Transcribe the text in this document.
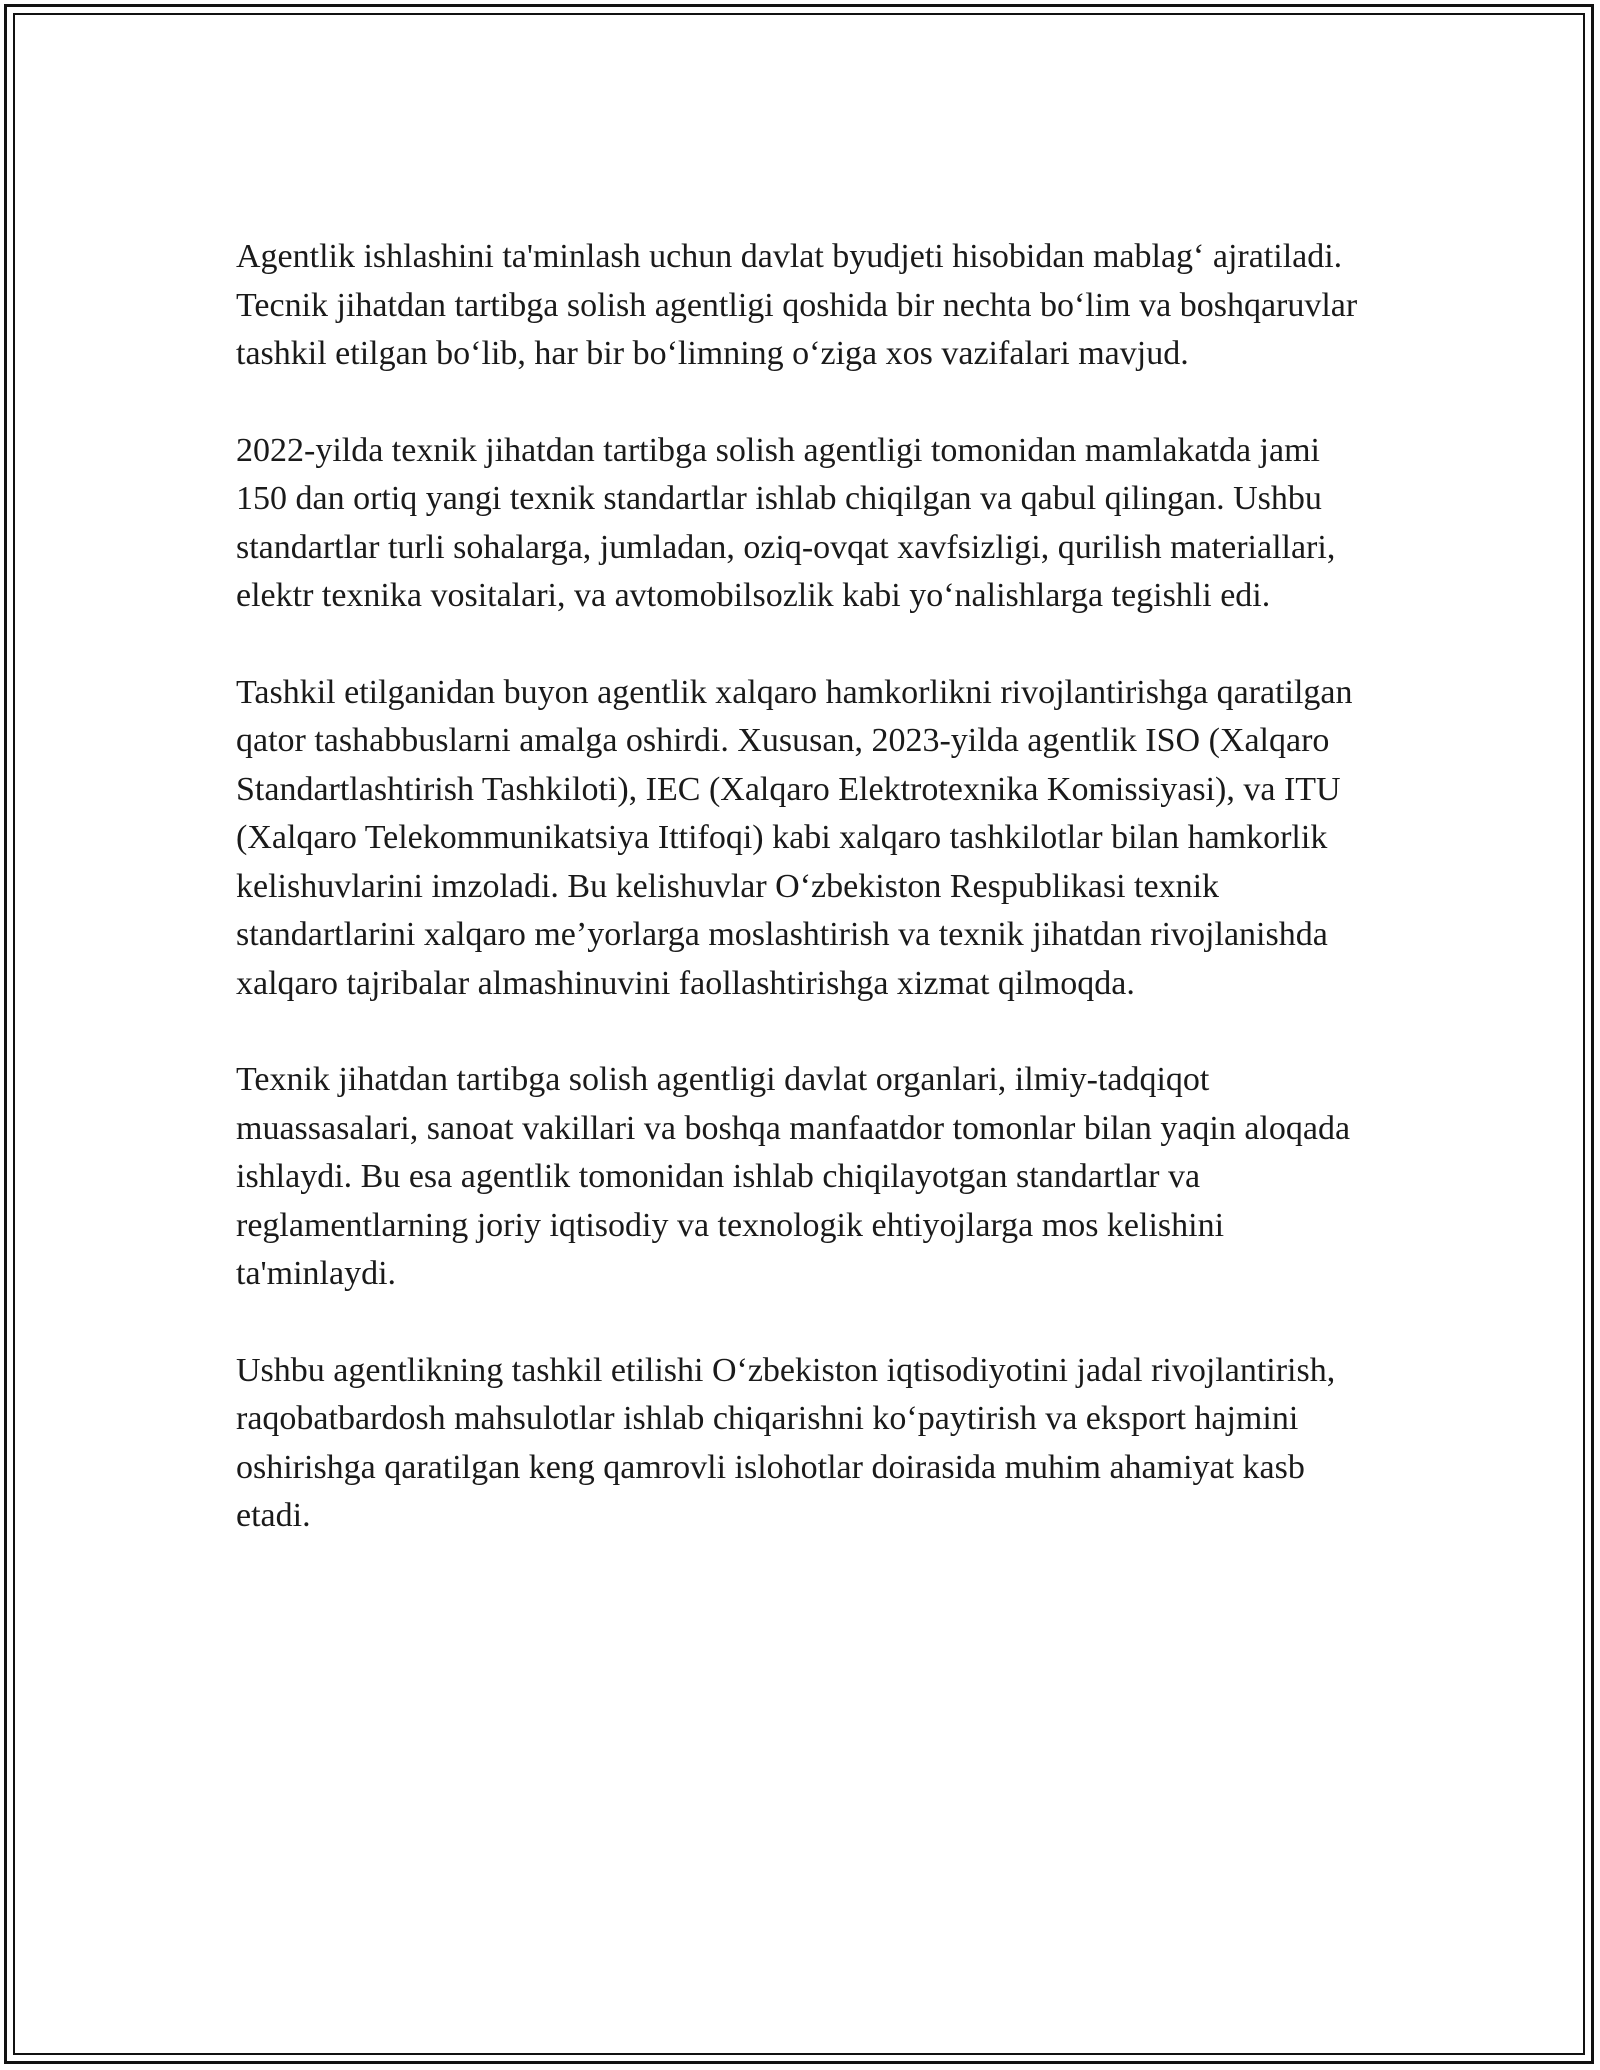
Agentlik ishlashini ta'minlash uchun davlat byudjeti hisobidan mablag‘ ajratiladi. Tecnik jihatdan tartibga solish agentligi qoshida bir nechta bo‘lim va boshqaruvlar tashkil etilgan bo‘lib, har bir bo‘limning o‘ziga xos vazifalari mavjud.

2022-yilda texnik jihatdan tartibga solish agentligi tomonidan mamlakatda jami 150 dan ortiq yangi texnik standartlar ishlab chiqilgan va qabul qilingan. Ushbu standartlar turli sohalarga, jumladan, oziq-ovqat xavfsizligi, qurilish materiallari, elektr texnika vositalari, va avtomobilsozlik kabi yo‘nalishlarga tegishli edi.

Tashkil etilganidan buyon agentlik xalqaro hamkorlikni rivojlantirishga qaratilgan qator tashabbuslarni amalga oshirdi. Xususan, 2023-yilda agentlik ISO (Xalqaro Standartlashtirish Tashkiloti), IEC (Xalqaro Elektrotexnika Komissiyasi), va ITU (Xalqaro Telekommunikatsiya Ittifoqi) kabi xalqaro tashkilotlar bilan hamkorlik kelishuvlarini imzoladi. Bu kelishuvlar O‘zbekiston Respublikasi texnik standartlarini xalqaro me’yorlarga moslashtirish va texnik jihatdan rivojlanishda xalqaro tajribalar almashinuvini faollashtirishga xizmat qilmoqda.

Texnik jihatdan tartibga solish agentligi davlat organlari, ilmiy-tadqiqot muassasalari, sanoat vakillari va boshqa manfaatdor tomonlar bilan yaqin aloqada ishlaydi. Bu esa agentlik tomonidan ishlab chiqilayotgan standartlar va reglamentlarning joriy iqtisodiy va texnologik ehtiyojlarga mos kelishini ta'minlaydi.

Ushbu agentlikning tashkil etilishi O‘zbekiston iqtisodiyotini jadal rivojlantirish, raqobatbardosh mahsulotlar ishlab chiqarishni ko‘paytirish va eksport hajmini oshirishga qaratilgan keng qamrovli islohotlar doirasida muhim ahamiyat kasb etadi.
